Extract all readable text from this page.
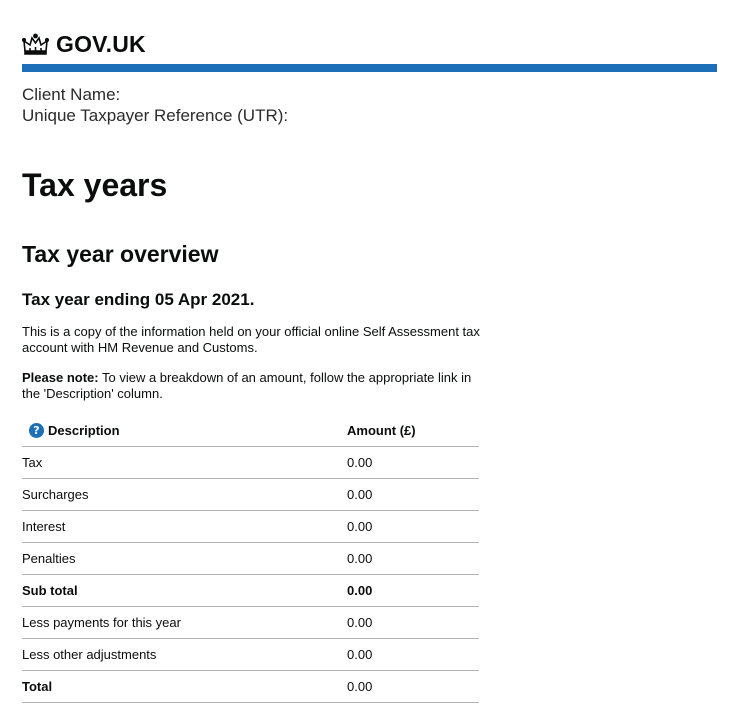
GOV.UK
Client Name:
Unique Taxpayer Reference (UTR):
Tax years
Tax year overview
Tax year ending 05 Apr 2021.

This is a copy of the information held on your official online Self Assessment tax account with HM Revenue and Customs.

Please note: To view a breakdown of an amount, follow the appropriate link in the 'Description' column.

? Description	Amount (£)
Tax	0.00
Surcharges	0.00
Interest	0.00
Penalties	0.00
Sub total	0.00
Less payments for this year	0.00
Less other adjustments	0.00
Total	0.00
